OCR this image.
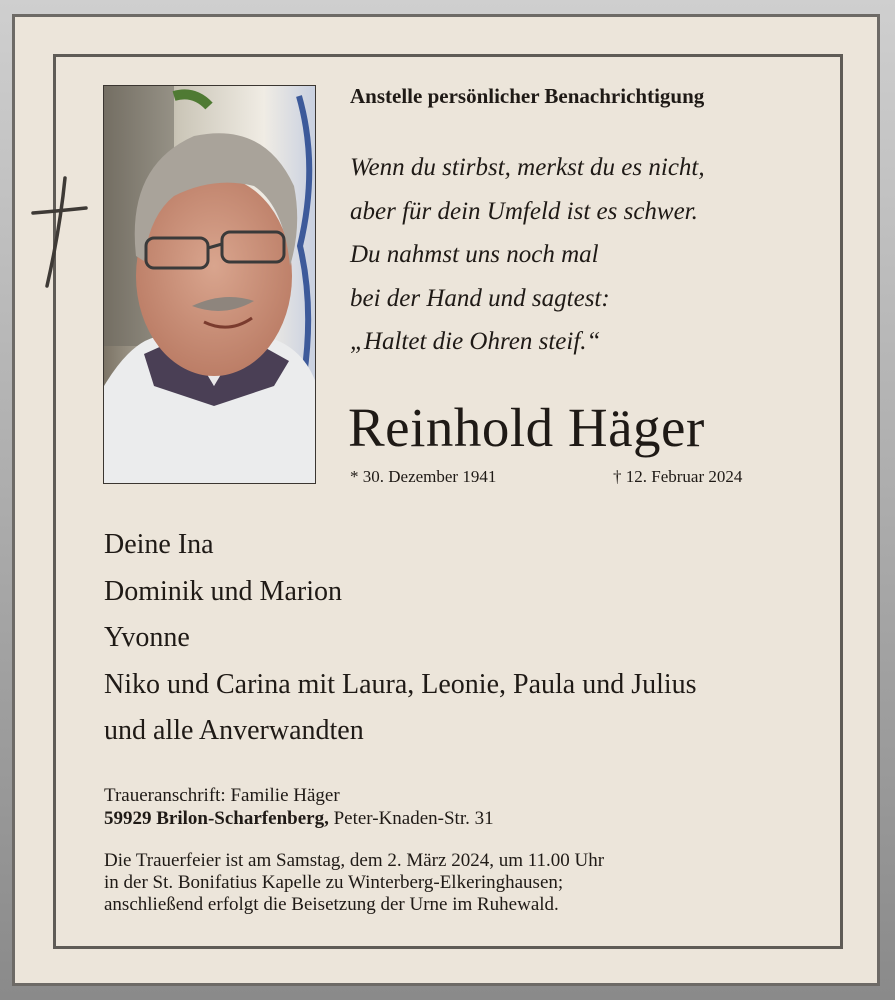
Anstelle persönlicher Benachrichtigung
Wenn du stirbst, merkst du es nicht,
aber für dein Umfeld ist es schwer.
Du nahmst uns noch mal
bei der Hand und sagtest:
„Haltet die Ohren steif.“
Reinhold Häger
* 30. Dezember 1941	† 12. Februar 2024
Deine Ina
Dominik und Marion
Yvonne
Niko und Carina mit Laura, Leonie, Paula und Julius
und alle Anverwandten
Traueranschrift: Familie Häger
59929 Brilon-Scharfenberg, Peter-Knaden-Str. 31
Die Trauerfeier ist am Samstag, dem 2. März 2024, um 11.00 Uhr
in der St. Bonifatius Kapelle zu Winterberg-Elkeringhausen;
anschließend erfolgt die Beisetzung der Urne im Ruhewald.
